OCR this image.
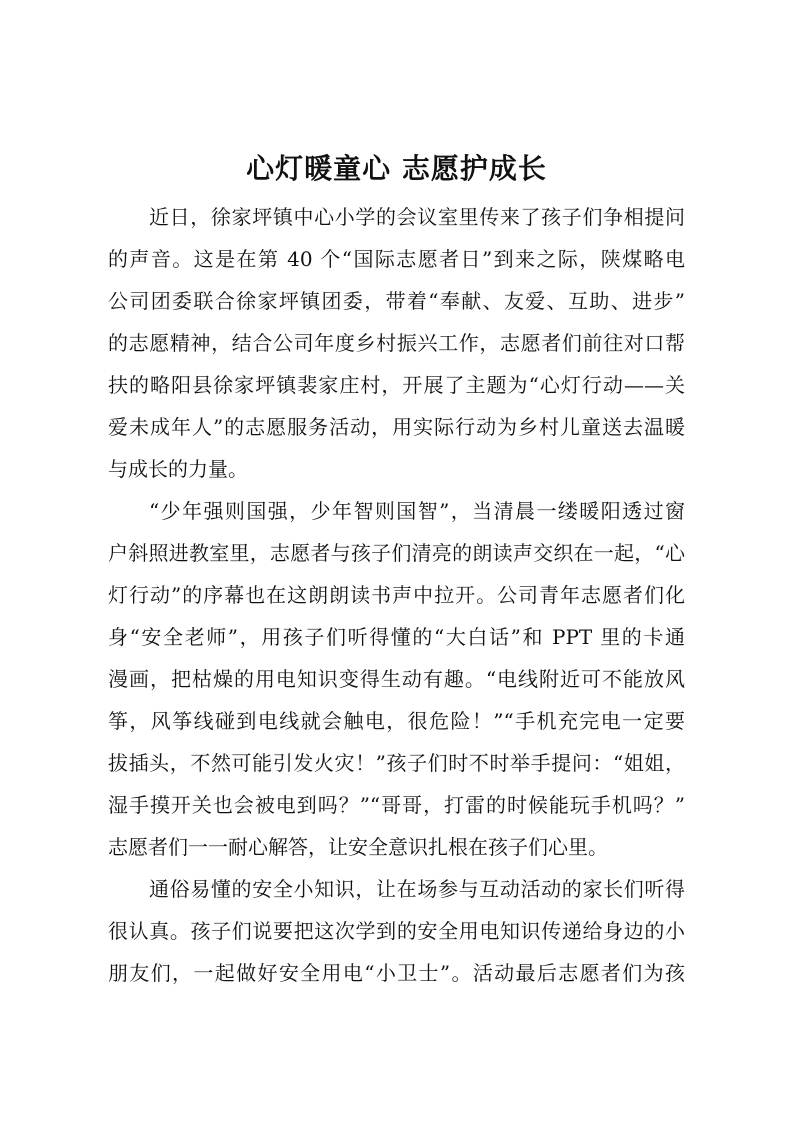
心灯暖童心 志愿护成长
近日，徐家坪镇中心小学的会议室里传来了孩子们争相提问
的声音。这是在第 40 个“国际志愿者日”到来之际，陕煤略电
公司团委联合徐家坪镇团委，带着“奉献、友爱、互助、进步”
的志愿精神，结合公司年度乡村振兴工作，志愿者们前往对口帮
扶的略阳县徐家坪镇裴家庄村，开展了主题为“心灯行动——关
爱未成年人”的志愿服务活动，用实际行动为乡村儿童送去温暖
与成长的力量。
“少年强则国强，少年智则国智”，当清晨一缕暖阳透过窗
户斜照进教室里，志愿者与孩子们清亮的朗读声交织在一起，“心
灯行动”的序幕也在这朗朗读书声中拉开。公司青年志愿者们化
身“安全老师”，用孩子们听得懂的“大白话”和 PPT 里的卡通
漫画，把枯燥的用电知识变得生动有趣。“电线附近可不能放风
筝，风筝线碰到电线就会触电，很危险！”“手机充完电一定要
拔插头，不然可能引发火灾！”孩子们时不时举手提问：“姐姐，
湿手摸开关也会被电到吗？”“哥哥，打雷的时候能玩手机吗？”
志愿者们一一耐心解答，让安全意识扎根在孩子们心里。
通俗易懂的安全小知识，让在场参与互动活动的家长们听得
很认真。孩子们说要把这次学到的安全用电知识传递给身边的小
朋友们，一起做好安全用电“小卫士”。活动最后志愿者们为孩
